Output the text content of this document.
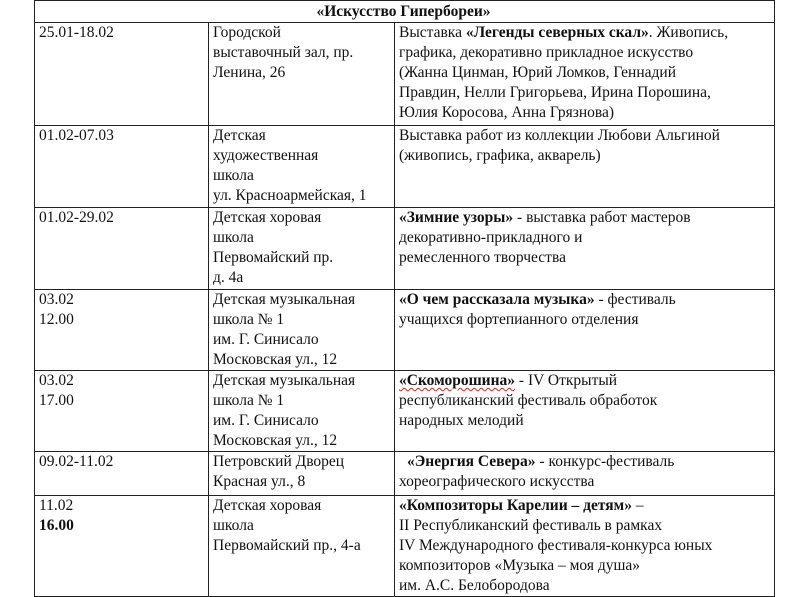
«Искусство Гипербореи»		

25.01-18.02	Городской
выставочный зал, пр.
Ленина, 26	Выставка «Легенды северных скал». Живопись,
графика, декоративно прикладное искусство
(Жанна Цинман, Юрий Ломков, Геннадий
Правдин, Нелли Григорьева, Ирина Порошина,
Юлия Коросова, Анна Грязнова)

01.02-07.03	Детская
художественная
школа
ул. Красноармейская, 1	Выставка работ из коллекции Любови Альгиной
(живопись, графика, акварель)

01.02-29.02	Детская хоровая
школа
Первомайский пр.
д. 4а	«Зимние узоры» - выставка работ мастеров
декоративно-прикладного и
ремесленного творчества

03.02
12.00	Детская музыкальная
школа № 1
им. Г. Синисало
Московская ул., 12	«О чем рассказала музыка» - фестиваль
учащихся фортепианного отделения

03.02
17.00	Детская музыкальная
школа № 1
им. Г. Синисало
Московская ул., 12	«Скоморошина» - IV Открытый
республиканский фестиваль обработок
народных мелодий

09.02-11.02	Петровский Дворец
Красная ул., 8	«Энергия Севера» - конкурс-фестиваль
хореографического искусства

11.02
16.00	Детская хоровая
школа
Первомайский пр., 4-а	«Композиторы Карелии – детям» –
II Республиканский фестиваль в рамках
IV Международного фестиваля-конкурса юных
композиторов «Музыка – моя душа»
им. А.С. Белобородова
